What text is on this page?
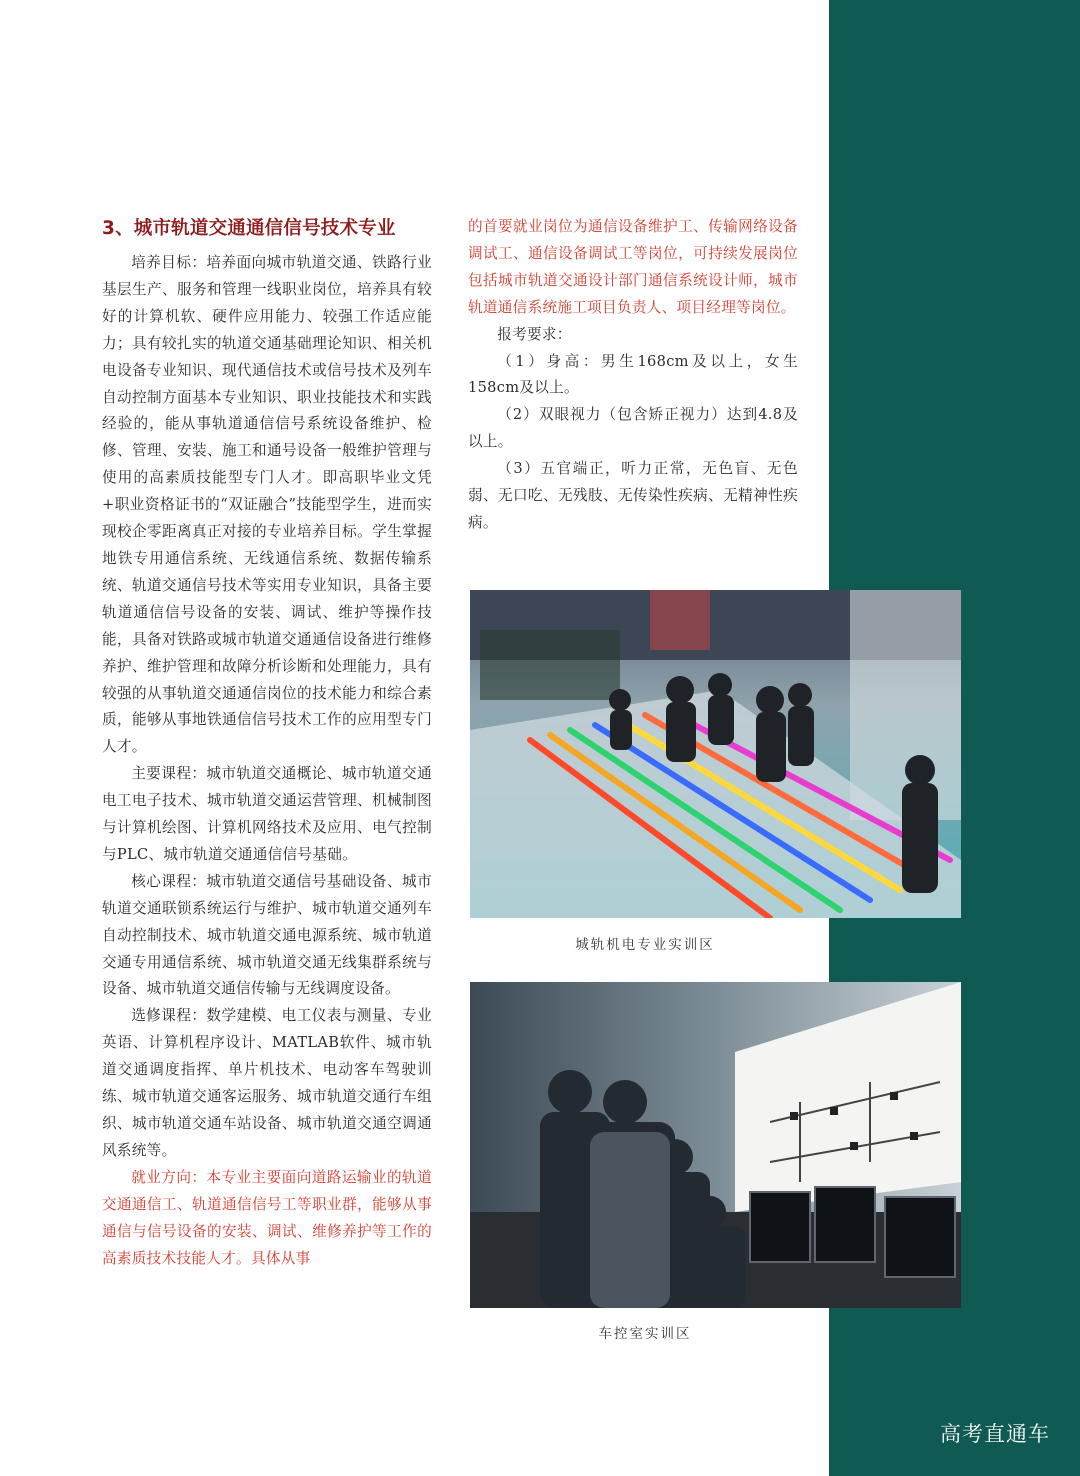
3、城市轨道交通通信信号技术专业

培养目标：培养面向城市轨道交通、铁路行业基层生产、服务和管理一线职业岗位，培养具有较好的计算机软、硬件应用能力、较强工作适应能力；具有较扎实的轨道交通基础理论知识、相关机电设备专业知识、现代通信技术或信号技术及列车自动控制方面基本专业知识、职业技能技术和实践经验的，能从事轨道通信信号系统设备维护、检修、管理、安装、施工和通号设备一般维护管理与使用的高素质技能型专门人才。即高职毕业文凭+职业资格证书的“双证融合”技能型学生，进而实现校企零距离真正对接的专业培养目标。学生掌握地铁专用通信系统、无线通信系统、数据传输系统、轨道交通信号技术等实用专业知识，具备主要轨道通信信号设备的安装、调试、维护等操作技能，具备对铁路或城市轨道交通通信设备进行维修养护、维护管理和故障分析诊断和处理能力，具有较强的从事轨道交通通信岗位的技术能力和综合素质，能够从事地铁通信信号技术工作的应用型专门人才。

主要课程：城市轨道交通概论、城市轨道交通电工电子技术、城市轨道交通运营管理、机械制图与计算机绘图、计算机网络技术及应用、电气控制与PLC、城市轨道交通通信信号基础。

核心课程：城市轨道交通信号基础设备、城市轨道交通联锁系统运行与维护、城市轨道交通列车自动控制技术、城市轨道交通电源系统、城市轨道交通专用通信系统、城市轨道交通无线集群系统与设备、城市轨道交通信传输与无线调度设备。

选修课程：数学建模、电工仪表与测量、专业英语、计算机程序设计、MATLAB软件、城市轨道交通调度指挥、单片机技术、电动客车驾驶训练、城市轨道交通客运服务、城市轨道交通行车组织、城市轨道交通车站设备、城市轨道交通空调通风系统等。

就业方向：本专业主要面向道路运输业的轨道交通通信工、轨道通信信号工等职业群，能够从事通信与信号设备的安装、调试、维修养护等工作的高素质技术技能人才。具体从事

的首要就业岗位为通信设备维护工、传输网络设备调试工、通信设备调试工等岗位，可持续发展岗位包括城市轨道交通设计部门通信系统设计师，城市轨道通信系统施工项目负责人、项目经理等岗位。

报考要求：

（1）身高：男生168cm及以上，女生158cm及以上。

（2）双眼视力（包含矫正视力）达到4.8及以上。

（3）五官端正，听力正常，无色盲、无色弱、无口吃、无残肢、无传染性疾病、无精神性疾病。

城轨机电专业实训区
车控室实训区
高考直通车
